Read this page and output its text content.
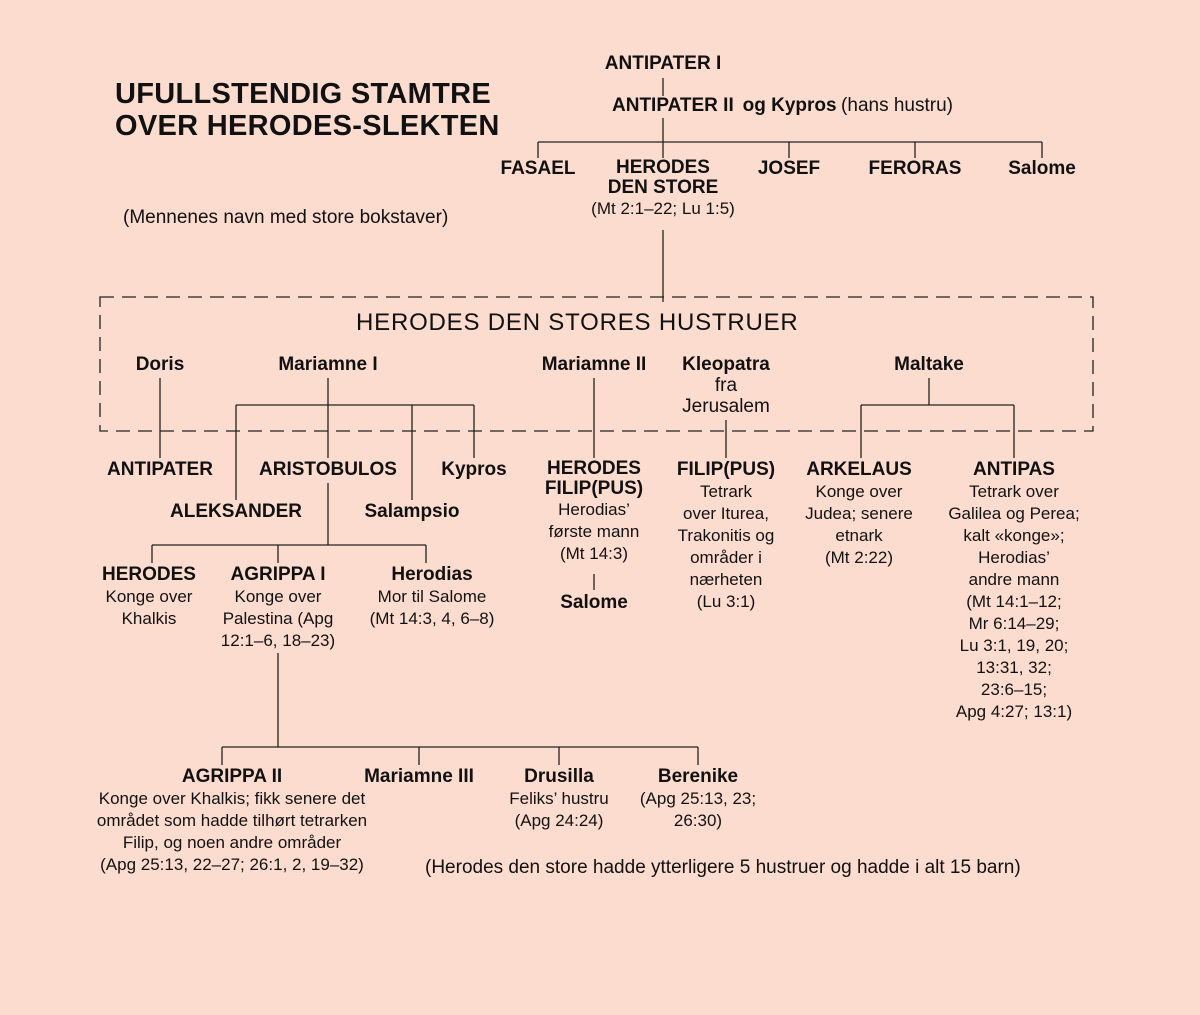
UFULLSTENDIG STAMTRE
OVER HERODES-SLEKTEN
(Mennenes navn med store bokstaver)
ANTIPATER I
ANTIPATER II og Kypros (hans hustru)
FASAEL	HERODES
DEN STORE
(Mt 2:1–22; Lu 1:5)
JOSEF	FERORAS	Salome
HERODES DEN STORES HUSTRUER
Doris	Mariamne I	Mariamne II	Kleopatra
fra
Jerusalem
Maltake
ANTIPATER
ALEKSANDER
ARISTOBULOS
Salampsio
Kypros	HERODES
FILIP(PUS)
Herodias’
første mann
(Mt 14:3)
Salome
FILIP(PUS)
Tetrark
over Iturea,
Trakonitis og
områder i
nærheten
(Lu 3:1)
ARKELAUS
Konge over
Judea; senere
etnark
(Mt 2:22)
ANTIPAS
Tetrark over
Galilea og Perea;
kalt «konge»;
Herodias’
andre mann
(Mt 14:1–12;
Mr 6:14–29;
Lu 3:1, 19, 20;
13:31, 32;
23:6–15;
Apg 4:27; 13:1)
HERODES
Konge over
Khalkis
AGRIPPA I
Konge over
Palestina (Apg
12:1–6, 18–23)
Herodias
Mor til Salome
(Mt 14:3, 4, 6–8)
AGRIPPA II
Konge over Khalkis; fikk senere det
området som hadde tilhørt tetrarken
Filip, og noen andre områder
(Apg 25:13, 22–27; 26:1, 2, 19–32)
Mariamne III	Drusilla
Feliks’ hustru
(Apg 24:24)
Berenike
(Apg 25:13, 23;
26:30)
(Herodes den store hadde ytterligere 5 hustruer og hadde i alt 15 barn)
